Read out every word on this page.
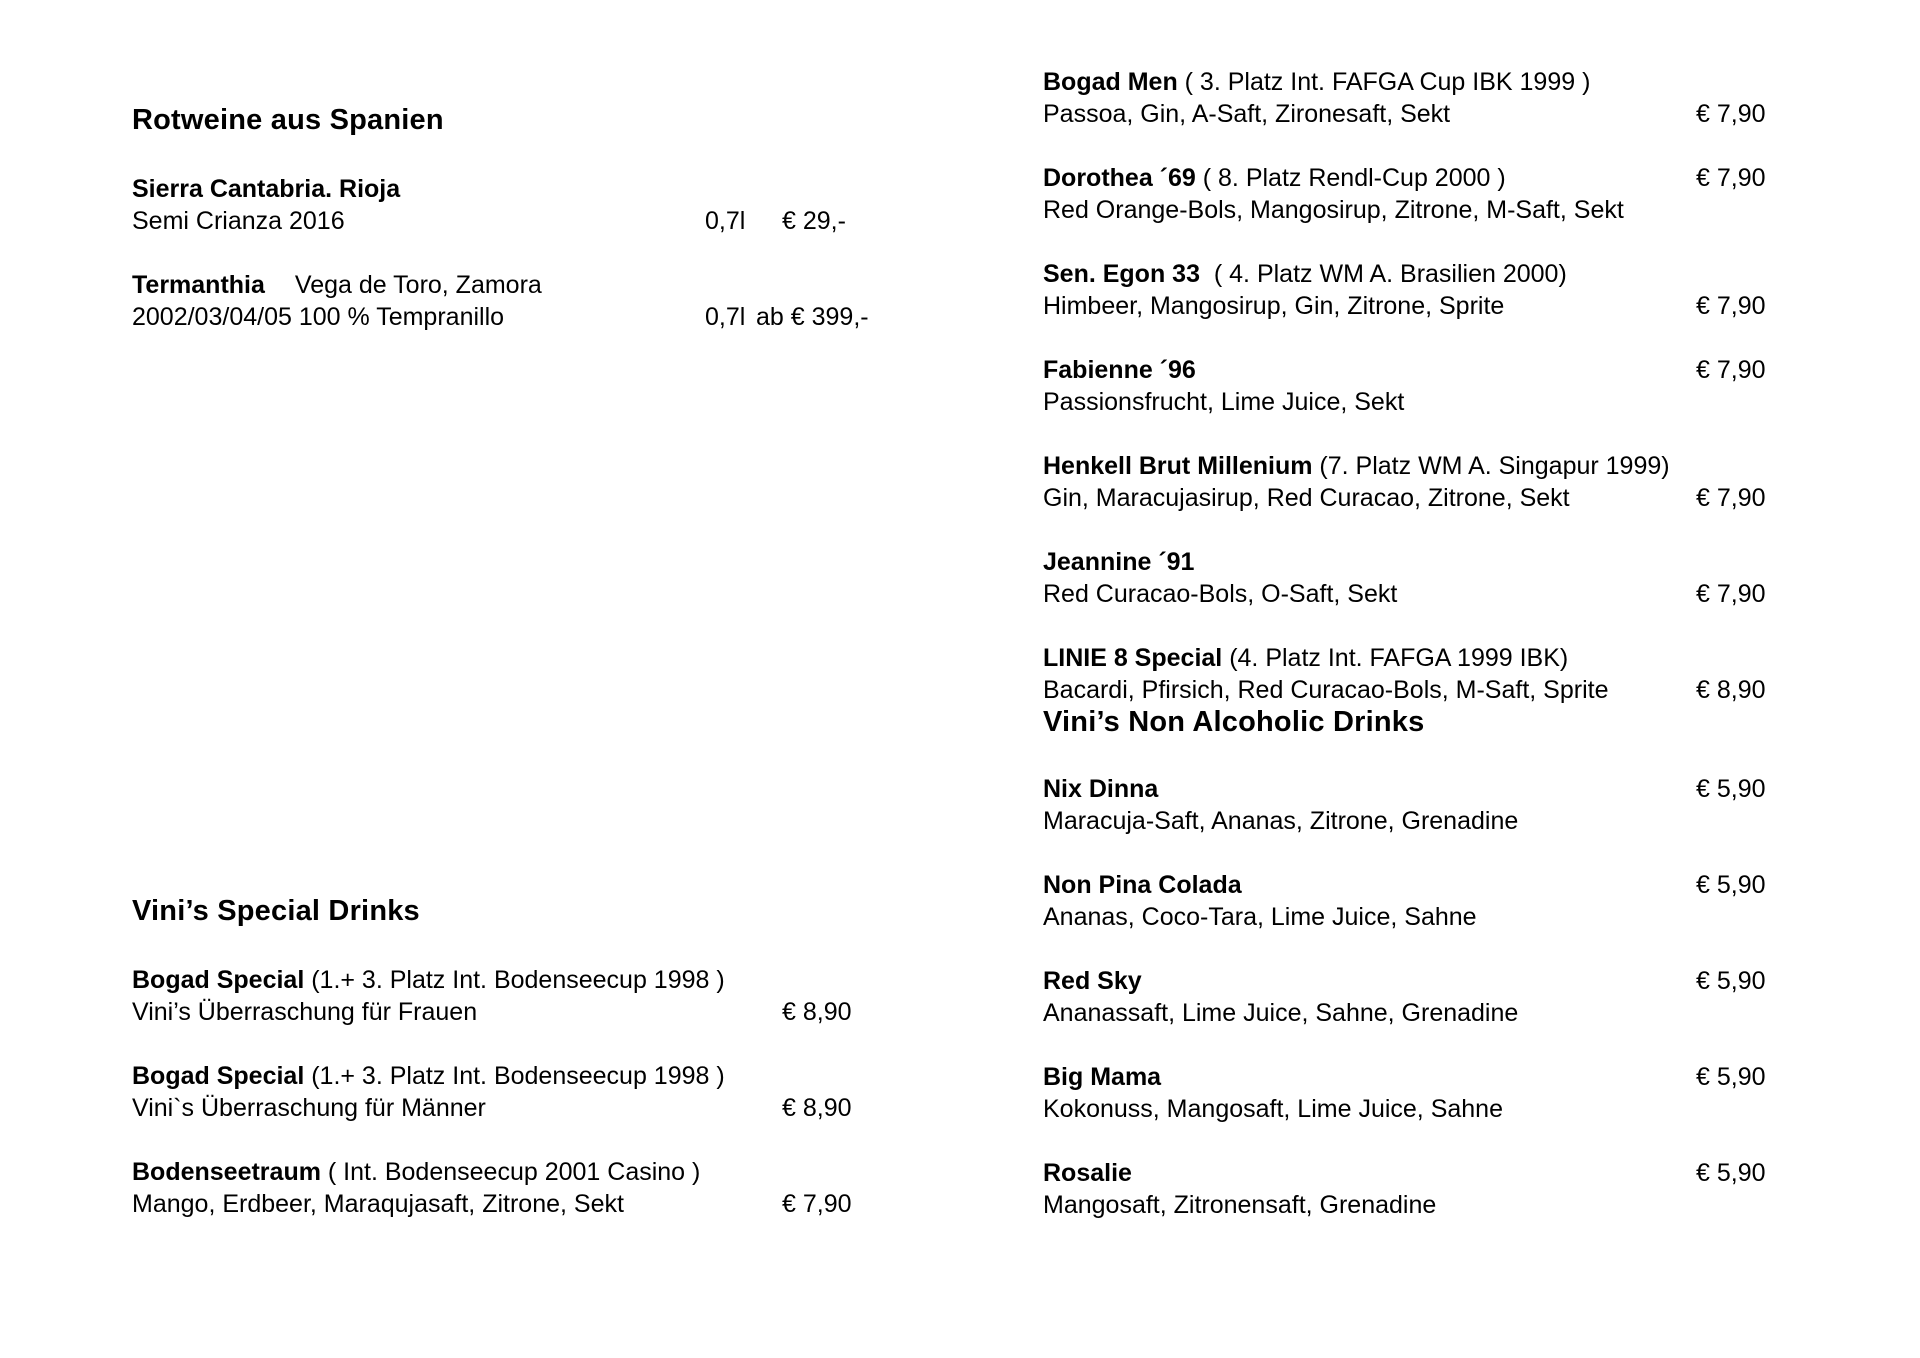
Rotweine aus Spanien
Sierra Cantabria. Rioja
Semi Crianza 2016	0,7l € 29,-
Termanthia Vega de Toro, Zamora
2002/03/04/05 100 % Tempranillo	0,7l ab € 399,-
Vini’s Special Drinks
Bogad Special (1.+ 3. Platz Int. Bodenseecup 1998 )
Vini’s Überraschung für Frauen	€ 8,90
Bogad Special (1.+ 3. Platz Int. Bodenseecup 1998 )
Vini`s Überraschung für Männer	€ 8,90
Bodenseetraum ( Int. Bodenseecup 2001 Casino )
Mango, Erdbeer, Maraqujasaft, Zitrone, Sekt	€ 7,90
Bogad Men ( 3. Platz Int. FAFGA Cup IBK 1999 )
Passoa, Gin, A-Saft, Zironesaft, Sekt	€ 7,90
Dorothea ´69 ( 8. Platz Rendl-Cup 2000 )	€ 7,90
Red Orange-Bols, Mangosirup, Zitrone, M-Saft, Sekt
Sen. Egon 33  ( 4. Platz WM A. Brasilien 2000)
Himbeer, Mangosirup, Gin, Zitrone, Sprite	€ 7,90
Fabienne ´96	€ 7,90
Passionsfrucht, Lime Juice, Sekt
Henkell Brut Millenium (7. Platz WM A. Singapur 1999)
Gin, Maracujasirup, Red Curacao, Zitrone, Sekt	€ 7,90
Jeannine ´91
Red Curacao-Bols, O-Saft, Sekt	€ 7,90
LINIE 8 Special (4. Platz Int. FAFGA 1999 IBK)
Bacardi, Pfirsich, Red Curacao-Bols, M-Saft, Sprite	€ 8,90
Vini’s Non Alcoholic Drinks
Nix Dinna	€ 5,90
Maracuja-Saft, Ananas, Zitrone, Grenadine
Non Pina Colada	€ 5,90
Ananas, Coco-Tara, Lime Juice, Sahne
Red Sky	€ 5,90
Ananassaft, Lime Juice, Sahne, Grenadine
Big Mama	€ 5,90
Kokonuss, Mangosaft, Lime Juice, Sahne
Rosalie	€ 5,90
Mangosaft, Zitronensaft, Grenadine
